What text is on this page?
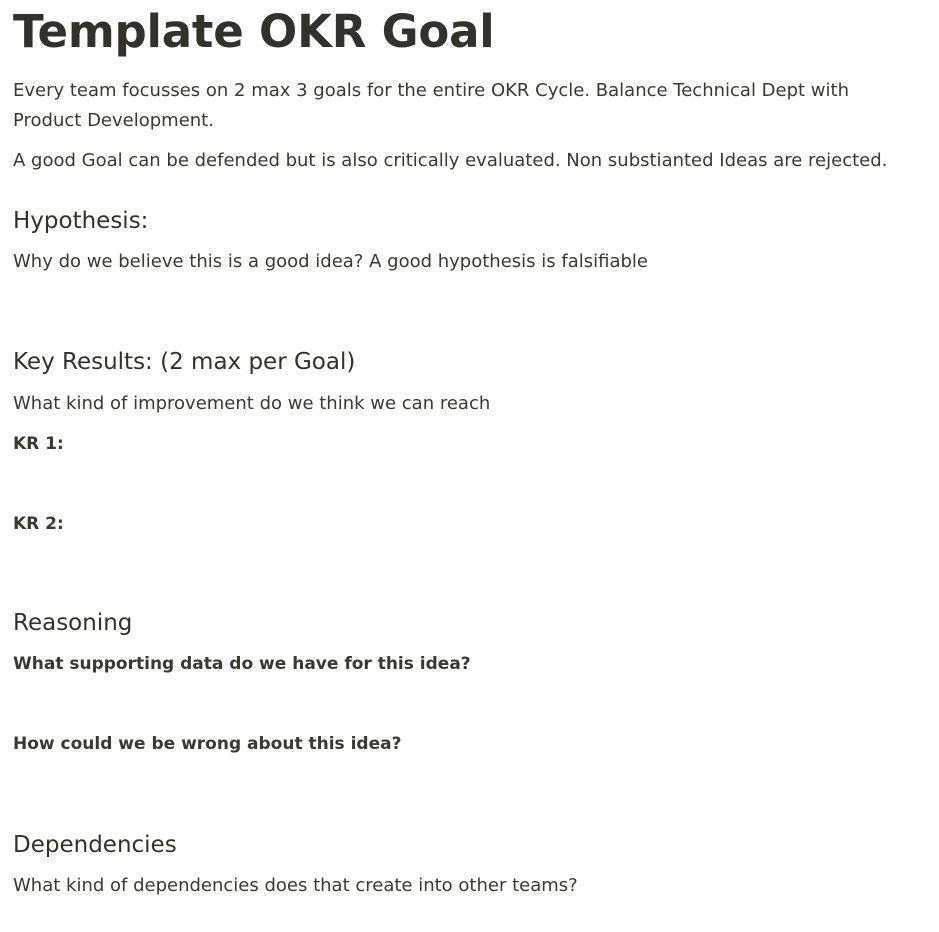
Template OKR Goal

Every team focusses on 2 max 3 goals for the entire OKR Cycle. Balance Technical Dept with Product Development.

A good Goal can be defended but is also critically evaluated. Non substianted Ideas are rejected.

Hypothesis:

Why do we believe this is a good idea? A good hypothesis is falsifiable

Key Results: (2 max per Goal)

What kind of improvement do we think we can reach

KR 1:

KR 2:

Reasoning

What supporting data do we have for this idea?

How could we be wrong about this idea?

Dependencies

What kind of dependencies does that create into other teams?
